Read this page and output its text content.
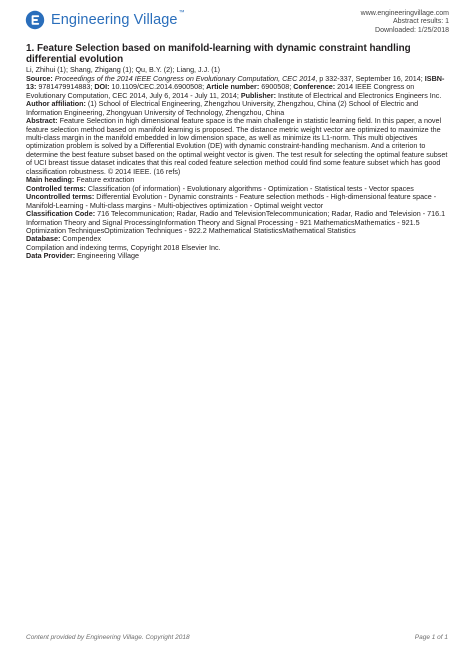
Engineering Village™	www.engineeringvillage.com
Abstract results: 1
Downloaded: 1/25/2018
1. Feature Selection based on manifold-learning with dynamic constraint handling differential evolution
Li, Zhihui (1); Shang, Zhigang (1); Qu, B.Y. (2); Liang, J.J. (1)
Source: Proceedings of the 2014 IEEE Congress on Evolutionary Computation, CEC 2014, p 332-337, September 16, 2014; ISBN-13: 9781479914883; DOI: 10.1109/CEC.2014.6900508; Article number: 6900508; Conference: 2014 IEEE Congress on Evolutionary Computation, CEC 2014, July 6, 2014 - July 11, 2014; Publisher: Institute of Electrical and Electronics Engineers Inc.
Author affiliation: (1) School of Electrical Engineering, Zhengzhou University, Zhengzhou, China (2) School of Electric and Information Engineering, Zhongyuan University of Technology, Zhengzhou, China
Abstract: Feature Selection in high dimensional feature space is the main challenge in statistic learning field. In this paper, a novel feature selection method based on manifold learning is proposed. The distance metric weight vector are optimized to maximize the multi-class margin in the manifold embedded in low dimension space, as well as minimize its L1-norm. This multi objectives optimization problem is solved by a Differential Evolution (DE) with dynamic constraint-handling mechanism. And a criterion to determine the best feature subset based on the optimal weight vector is given. The test result for selecting the optimal feature subset of UCI breast tissue dataset indicates that this real coded feature selection method could find some feature subset which has good classification robustness. © 2014 IEEE. (16 refs)
Main heading: Feature extraction
Controlled terms: Classification (of information) - Evolutionary algorithms - Optimization - Statistical tests - Vector spaces
Uncontrolled terms: Differential Evolution - Dynamic constraints - Feature selection methods - High-dimensional feature space - Manifold-Learning - Multi-class margins - Multi-objectives optimization - Optimal weight vector
Classification Code: 716 Telecommunication; Radar, Radio and TelevisionTelecommunication; Radar, Radio and Television - 716.1 Information Theory and Signal ProcessingInformation Theory and Signal Processing - 921 MathematicsMathematics - 921.5 Optimization TechniquesOptimization Techniques - 922.2 Mathematical StatisticsMathematical Statistics
Database: Compendex
Compilation and indexing terms, Copyright 2018 Elsevier Inc.
Data Provider: Engineering Village
Content provided by Engineering Village. Copyright 2018	Page 1 of 1
